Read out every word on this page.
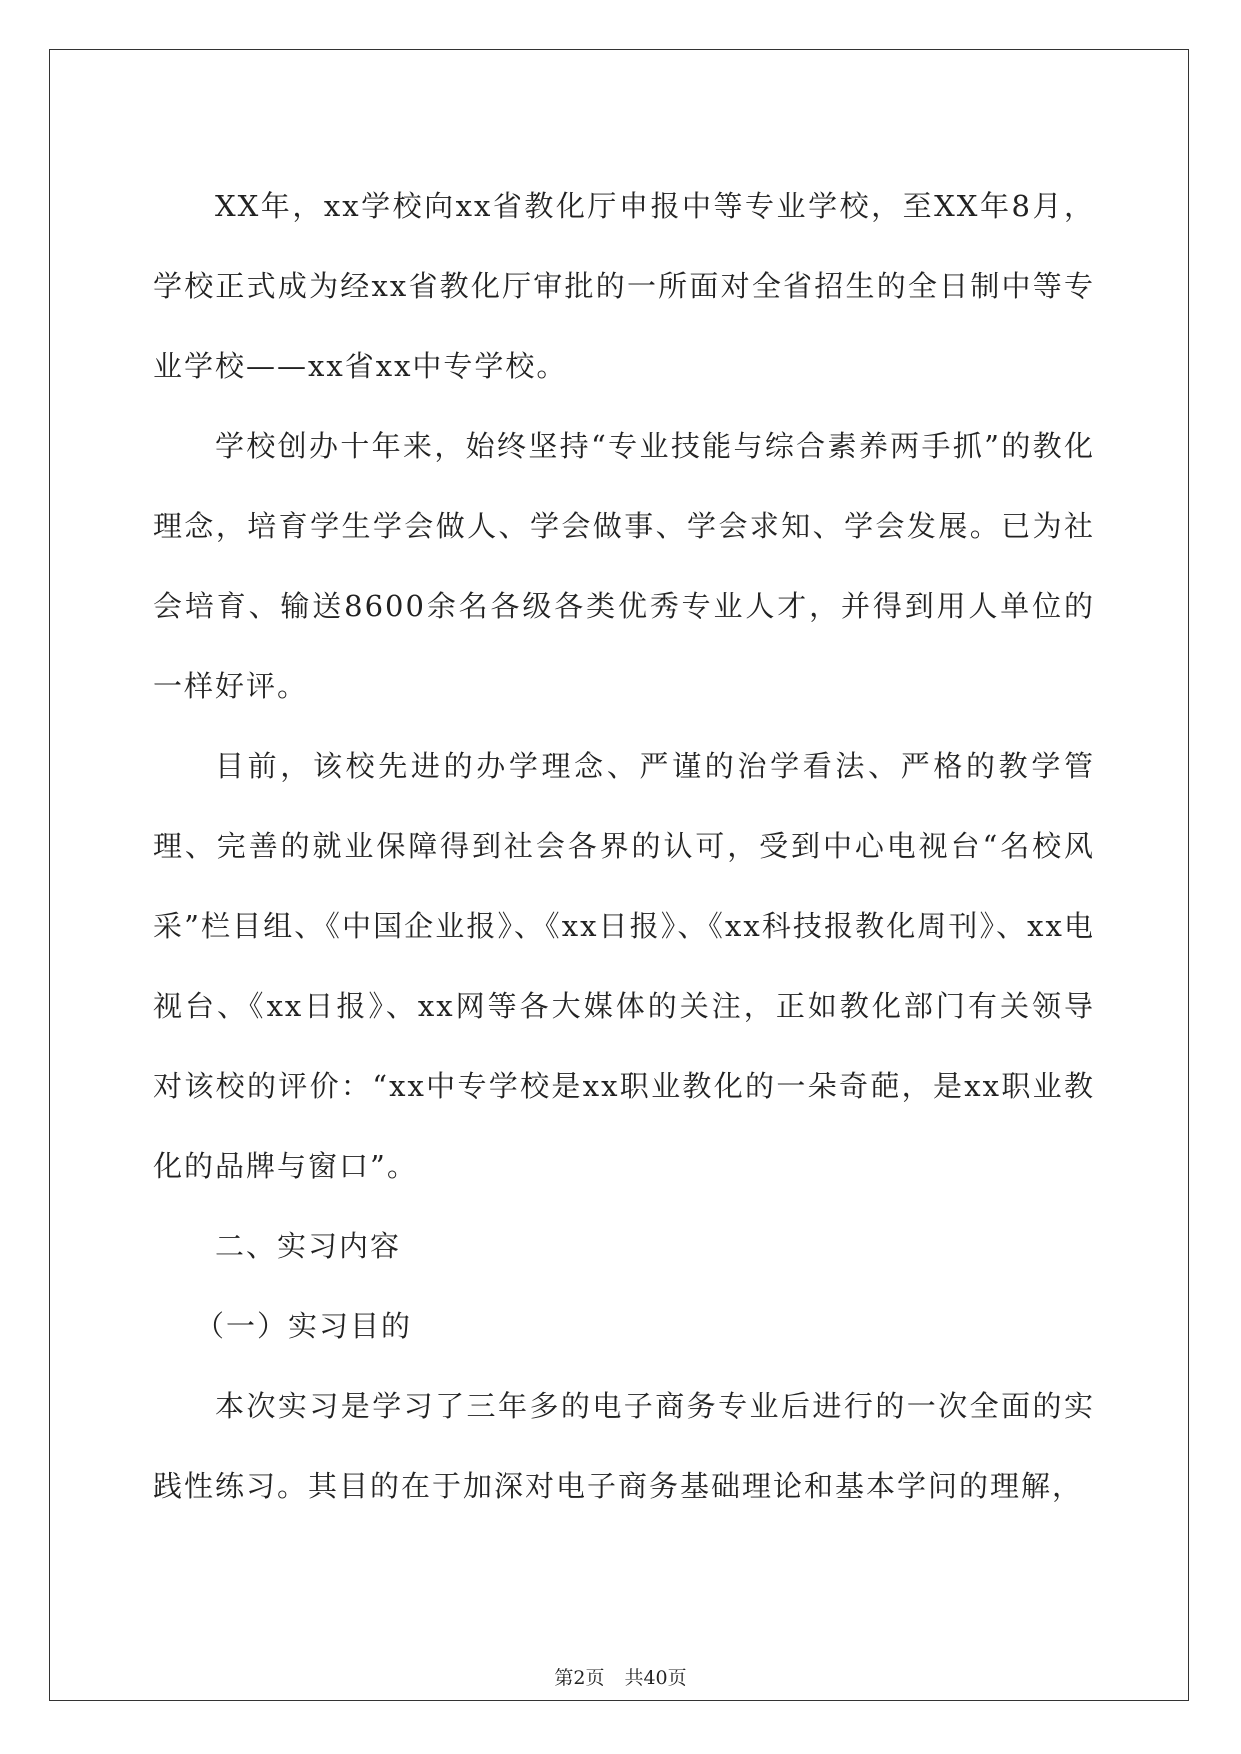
XX年，xx学校向xx省教化厅申报中等专业学校，至XX年8月，学校正式成为经xx省教化厅审批的一所面对全省招生的全日制中等专业学校——xx省xx中专学校。

学校创办十年来，始终坚持“专业技能与综合素养两手抓”的教化理念，培育学生学会做人、学会做事、学会求知、学会发展。已为社会培育、输送8600余名各级各类优秀专业人才，并得到用人单位的一样好评。

目前，该校先进的办学理念、严谨的治学看法、严格的教学管理、完善的就业保障得到社会各界的认可，受到中心电视台“名校风采”栏目组、《中国企业报》、《xx日报》、《xx科技报教化周刊》、xx电视台、《xx日报》、xx网等各大媒体的关注，正如教化部门有关领导对该校的评价：“xx中专学校是xx职业教化的一朵奇葩，是xx职业教化的品牌与窗口”。

二、实习内容

（一）实习目的

本次实习是学习了三年多的电子商务专业后进行的一次全面的实践性练习。其目的在于加深对电子商务基础理论和基本学问的理解，

第2页 共40页
